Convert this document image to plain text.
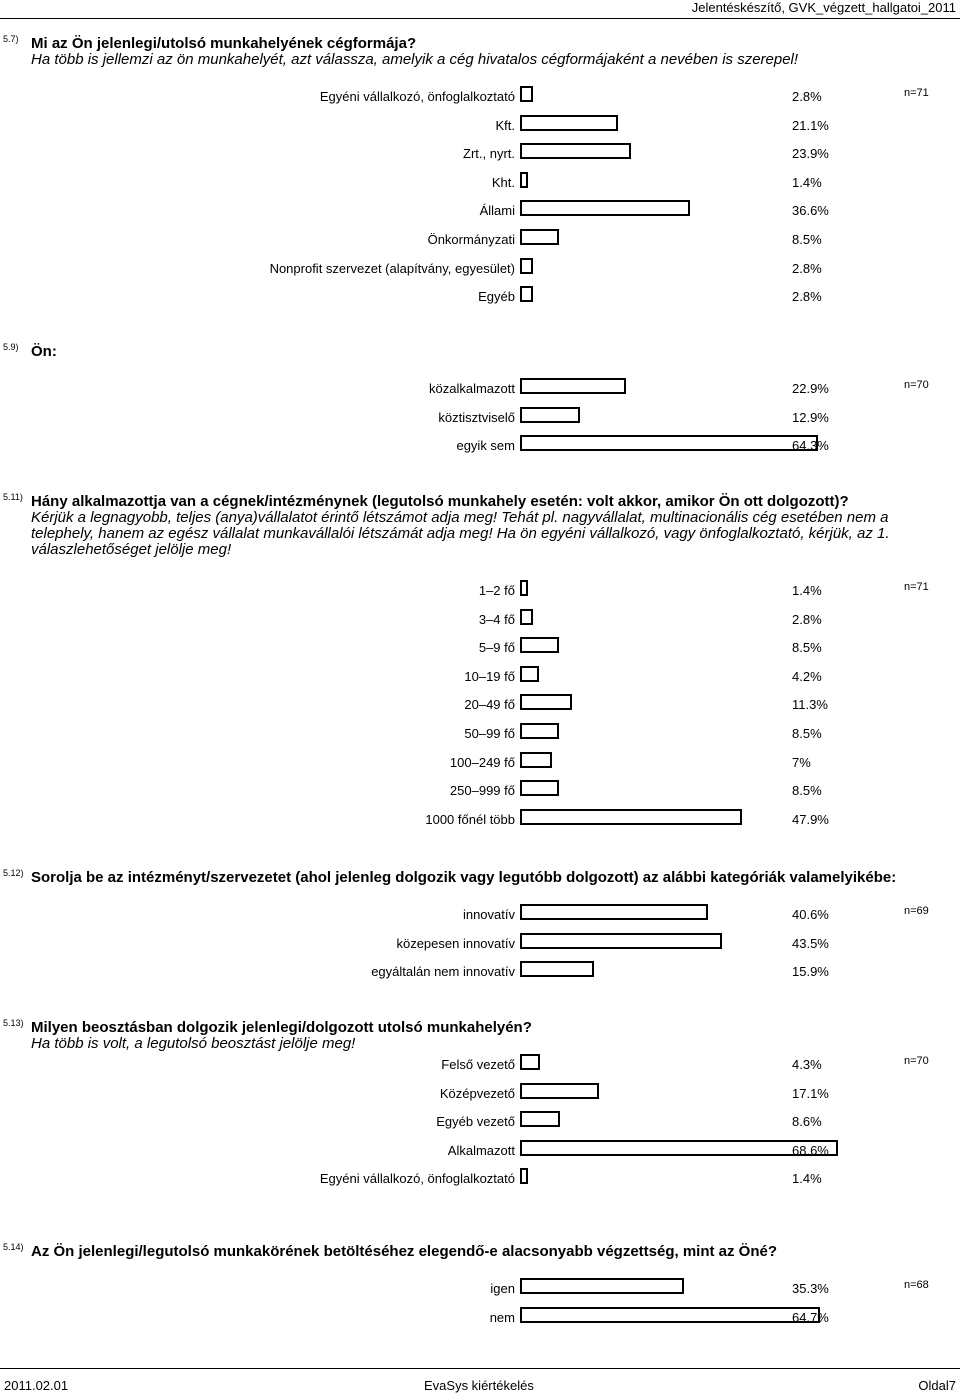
Jelentéskészítő, GVK_végzett_hallgatoi_2011
5.7) Mi az Ön jelenlegi/utolsó munkahelyének cégformája?
Ha több is jellemzi az ön munkahelyét, azt válassza, amelyik a cég hivatalos cégformájaként a nevében is szerepel!
Egyéni vállalkozó, önfoglalkoztató	2.8%	n=71
Kft.	21.1%
Zrt., nyrt.	23.9%
Kht.	1.4%
Állami	36.6%
Önkormányzati	8.5%
Nonprofit szervezet (alapítvány, egyesület)	2.8%
Egyéb	2.8%
5.9) Ön:
közalkalmazott	22.9%	n=70
köztisztviselő	12.9%
egyik sem	64.3%
5.11) Hány alkalmazottja van a cégnek/intézménynek (legutolsó munkahely esetén: volt akkor, amikor Ön ott dolgozott)?
Kérjük a legnagyobb, teljes (anya)vállalatot érintő létszámot adja meg! Tehát pl. nagyvállalat, multinacionális cég esetében nem a telephely, hanem az egész vállalat munkavállalói létszámát adja meg! Ha ön egyéni vállalkozó, vagy önfoglalkoztató, kérjük, az 1. válaszlehetőséget jelölje meg!
1–2 fő	1.4%	n=71
3–4 fő	2.8%
5–9 fő	8.5%
10–19 fő	4.2%
20–49 fő	11.3%
50–99 fő	8.5%
100–249 fő	7%
250–999 fő	8.5%
1000 főnél több	47.9%
5.12) Sorolja be az intézményt/szervezetet (ahol jelenleg dolgozik vagy legutóbb dolgozott) az alábbi kategóriák valamelyikébe:
innovatív	40.6%	n=69
közepesen innovatív	43.5%
egyáltalán nem innovatív	15.9%
5.13) Milyen beosztásban dolgozik jelenlegi/dolgozott utolsó munkahelyén?
Ha több is volt, a legutolsó beosztást jelölje meg!
Felső vezető	4.3%	n=70
Középvezető	17.1%
Egyéb vezető	8.6%
Alkalmazott	68.6%
Egyéni vállalkozó, önfoglalkoztató	1.4%
5.14) Az Ön jelenlegi/legutolsó munkakörének betöltéséhez elegendő-e alacsonyabb végzettség, mint az Öné?
igen	35.3%	n=68
nem	64.7%
2011.02.01	EvaSys kiértékelés	Oldal7
